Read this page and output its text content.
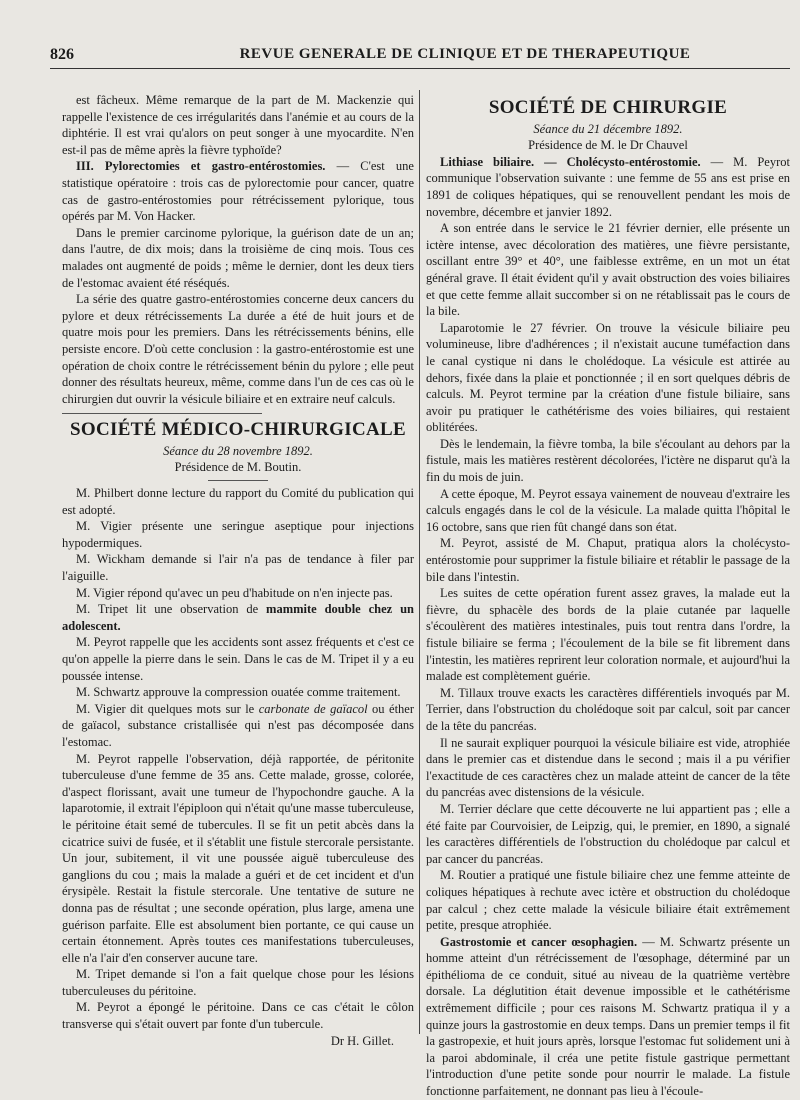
826	REVUE GENERALE DE CLINIQUE ET DE THERAPEUTIQUE

est fâcheux. Même remarque de la part de M. Mackenzie qui rappelle l'existence de ces irrégularités dans l'anémie et au cours de la diphtérie. Il est vrai qu'alors on peut songer à une myocardite. N'en est-il pas de même après la fièvre typhoïde?

III. Pylorectomies et gastro-entérostomies. — C'est une statistique opératoire : trois cas de pylorectomie pour cancer, quatre cas de gastro-entérostomies pour rétrécissement pylorique, tous opérés par M. Von Hacker.

Dans le premier carcinome pylorique, la guérison date de un an; dans l'autre, de dix mois; dans la troisième de cinq mois. Tous ces malades ont augmenté de poids ; même le dernier, dont les deux tiers de l'estomac avaient été réséqués.

La série des quatre gastro-entérostomies concerne deux cancers du pylore et deux rétrécissements La durée a été de huit jours et de quatre mois pour les premiers. Dans les rétrécissements bénins, elle persiste encore. D'où cette conclusion : la gastro-entérostomie est une opération de choix contre le rétrécissement bénin du pylore ; elle peut donner des résultats heureux, même, comme dans l'un de ces cas où le chirurgien dut ouvrir la vésicule biliaire et en extraire neuf calculs.

SOCIÉTÉ MÉDICO-CHIRURGICALE

Séance du 28 novembre 1892.

Présidence de M. Boutin.

M. Philbert donne lecture du rapport du Comité du publication qui est adopté.

M. Vigier présente une seringue aseptique pour injections hypodermiques.

M. Wickham demande si l'air n'a pas de tendance à filer par l'aiguille.

M. Vigier répond qu'avec un peu d'habitude on n'en injecte pas.

M. Tripet lit une observation de mammite double chez un adolescent.

M. Peyrot rappelle que les accidents sont assez fréquents et c'est ce qu'on appelle la pierre dans le sein. Dans le cas de M. Tripet il y a eu poussée intense.

M. Schwartz approuve la compression ouatée comme traitement.

M. Vigier dit quelques mots sur le carbonate de gaïacol ou éther de gaïacol, substance cristallisée qui n'est pas décomposée dans l'estomac.

M. Peyrot rappelle l'observation, déjà rapportée, de péritonite tuberculeuse d'une femme de 35 ans. Cette malade, grosse, colorée, d'aspect florissant, avait une tumeur de l'hypochondre gauche. A la laparotomie, il extrait l'épiploon qui n'était qu'une masse tuberculeuse, le péritoine était semé de tubercules. Il se fit un petit abcès dans la cicatrice suivi de fusée, et il s'établit une fistule stercorale persistante. Un jour, subitement, il vit une poussée aiguë tuberculeuse des ganglions du cou ; mais la malade a guéri et de cet incident et d'un érysipèle. Restait la fistule stercorale. Une tentative de suture ne donna pas de résultat ; une seconde opération, plus large, amena une guérison parfaite. Elle est absolument bien portante, ce qui cause un certain étonnement. Après toutes ces manifestations tuberculeuses, elle n'a l'air d'en conserver aucune tare.

M. Tripet demande si l'on a fait quelque chose pour les lésions tuberculeuses du péritoine.

M. Peyrot a épongé le péritoine. Dans ce cas c'était le côlon transverse qui s'était ouvert par fonte d'un tubercule.

Dr H. Gillet.

SOCIÉTÉ DE CHIRURGIE

Séance du 21 décembre 1892.

Présidence de M. le Dr Chauvel

Lithiase biliaire. — Cholécysto-entérostomie. — M. Peyrot communique l'observation suivante : une femme de 55 ans est prise en 1891 de coliques hépatiques, qui se renouvellent pendant les mois de novembre, décembre et janvier 1892.

A son entrée dans le service le 21 février dernier, elle présente un ictère intense, avec décoloration des matières, une fièvre persistante, oscillant entre 39° et 40°, une faiblesse extrême, en un mot un état général grave. Il était évident qu'il y avait obstruction des voies biliaires et que cette femme allait succomber si on ne rétablissait pas le cours de la bile.

Laparotomie le 27 février. On trouve la vésicule biliaire peu volumineuse, libre d'adhérences ; il n'existait aucune tuméfaction dans le canal cystique ni dans le cholédoque. La vésicule est attirée au dehors, fixée dans la plaie et ponctionnée ; il en sort quelques débris de calculs. M. Peyrot termine par la création d'une fistule biliaire, sans avoir pu pratiquer le cathétérisme des voies biliaires, qui restaient oblitérées.

Dès le lendemain, la fièvre tomba, la bile s'écoulant au dehors par la fistule, mais les matières restèrent décolorées, l'ictère ne disparut qu'à la fin du mois de juin.

A cette époque, M. Peyrot essaya vainement de nouveau d'extraire les calculs engagés dans le col de la vésicule. La malade quitta l'hôpital le 16 octobre, sans que rien fût changé dans son état.

M. Peyrot, assisté de M. Chaput, pratiqua alors la cholécysto-entérostomie pour supprimer la fistule biliaire et rétablir le passage de la bile dans l'intestin.

Les suites de cette opération furent assez graves, la malade eut la fièvre, du sphacèle des bords de la plaie cutanée par laquelle s'écoulèrent des matières intestinales, puis tout rentra dans l'ordre, la fistule biliaire se ferma ; l'écoulement de la bile se fit librement dans l'intestin, les matières reprirent leur coloration normale, et aujourd'hui la malade est complètement guérie.

M. Tillaux trouve exacts les caractères différentiels invoqués par M. Terrier, dans l'obstruction du cholédoque soit par calcul, soit par cancer de la tête du pancréas.

Il ne saurait expliquer pourquoi la vésicule biliaire est vide, atrophiée dans le premier cas et distendue dans le second ; mais il a pu vérifier l'exactitude de ces caractères chez un malade atteint de cancer de la tête du pancréas avec distensions de la vésicule.

M. Terrier déclare que cette découverte ne lui appartient pas ; elle a été faite par Courvoisier, de Leipzig, qui, le premier, en 1890, a signalé les caractères différentiels de l'obstruction du cholédoque par calcul et par cancer du pancréas.

M. Routier a pratiqué une fistule biliaire chez une femme atteinte de coliques hépatiques à rechute avec ictère et obstruction du cholédoque par calcul ; chez cette malade la vésicule biliaire était extrêmement petite, presque atrophiée.

Gastrostomie et cancer œsophagien. — M. Schwartz présente un homme atteint d'un rétrécissement de l'œsophage, déterminé par un épithélioma de ce conduit, situé au niveau de la quatrième vertèbre dorsale. La déglutition était devenue impossible et le cathétérisme extrêmement difficile ; pour ces raisons M. Schwartz pratiqua il y a quinze jours la gastrostomie en deux temps. Dans un premier temps il fit la gastropexie, et huit jours après, lorsque l'estomac fut solidement uni à la paroi abdominale, il créa une petite fistule gastrique permettant l'introduction d'une petite sonde pour nourrir le malade. La fistule fonctionne parfaitement, ne donnant pas lieu à l'écoule-
